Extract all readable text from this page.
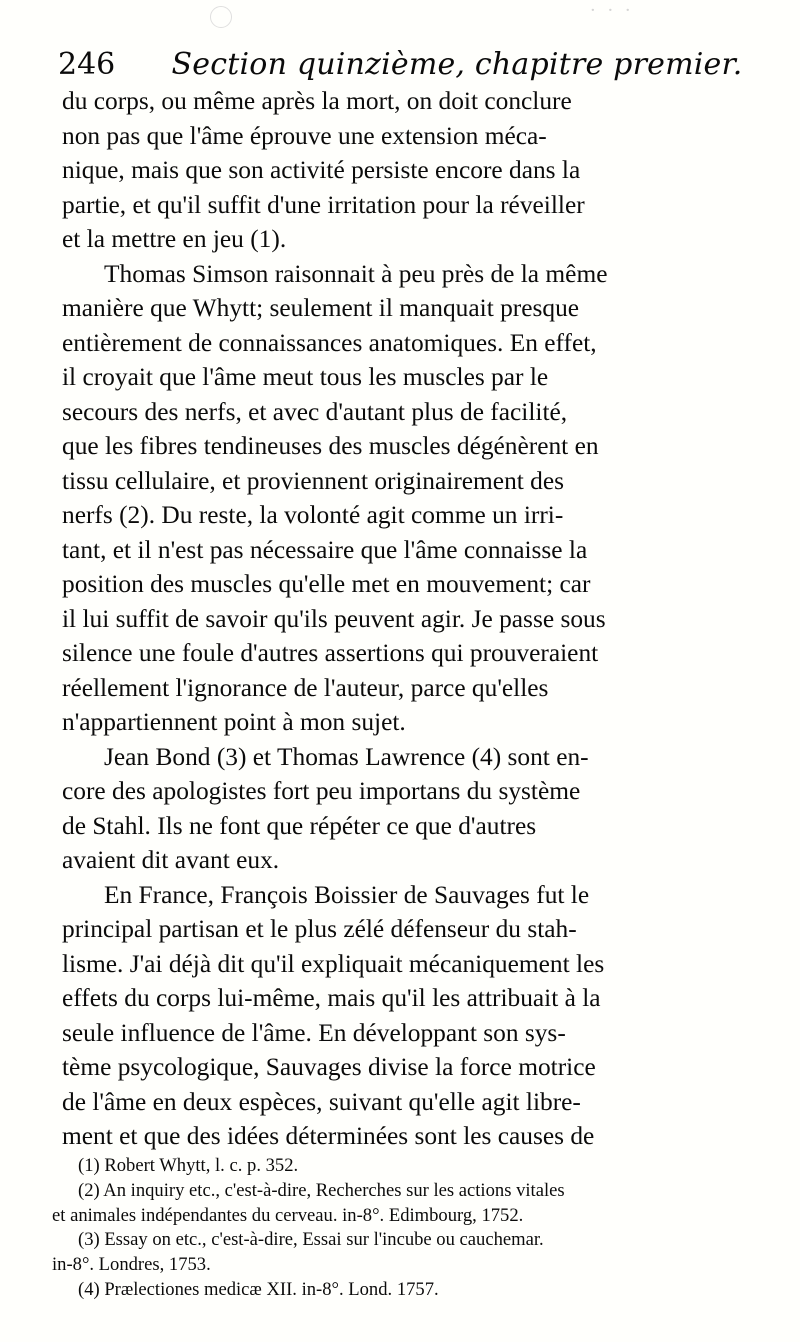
· · ·
246 Section quinzième, chapitre premier.
du corps, ou même après la mort, on doit conclure
non pas que l'âme éprouve une extension méca-
nique, mais que son activité persiste encore dans la
partie, et qu'il suffit d'une irritation pour la réveiller
et la mettre en jeu (1).
Thomas Simson raisonnait à peu près de la même
manière que Whytt; seulement il manquait presque
entièrement de connaissances anatomiques. En effet,
il croyait que l'âme meut tous les muscles par le
secours des nerfs, et avec d'autant plus de facilité,
que les fibres tendineuses des muscles dégénèrent en
tissu cellulaire, et proviennent originairement des
nerfs (2). Du reste, la volonté agit comme un irri-
tant, et il n'est pas nécessaire que l'âme connaisse la
position des muscles qu'elle met en mouvement; car
il lui suffit de savoir qu'ils peuvent agir. Je passe sous
silence une foule d'autres assertions qui prouveraient
réellement l'ignorance de l'auteur, parce qu'elles
n'appartiennent point à mon sujet.
Jean Bond (3) et Thomas Lawrence (4) sont en-
core des apologistes fort peu importans du système
de Stahl. Ils ne font que répéter ce que d'autres
avaient dit avant eux.
En France, François Boissier de Sauvages fut le
principal partisan et le plus zélé défenseur du stah-
lisme. J'ai déjà dit qu'il expliquait mécaniquement les
effets du corps lui-même, mais qu'il les attribuait à la
seule influence de l'âme. En développant son sys-
tème psycologique, Sauvages divise la force motrice
de l'âme en deux espèces, suivant qu'elle agit libre-
ment et que des idées déterminées sont les causes de
(1) Robert Whytt, l. c. p. 352.
(2) An inquiry etc., c'est-à-dire, Recherches sur les actions vitales
et animales indépendantes du cerveau. in-8°. Edimbourg, 1752.
(3) Essay on etc., c'est-à-dire, Essai sur l'incube ou cauchemar.
in-8°. Londres, 1753.
(4) Prælectiones medicæ XII. in-8°. Lond. 1757.
